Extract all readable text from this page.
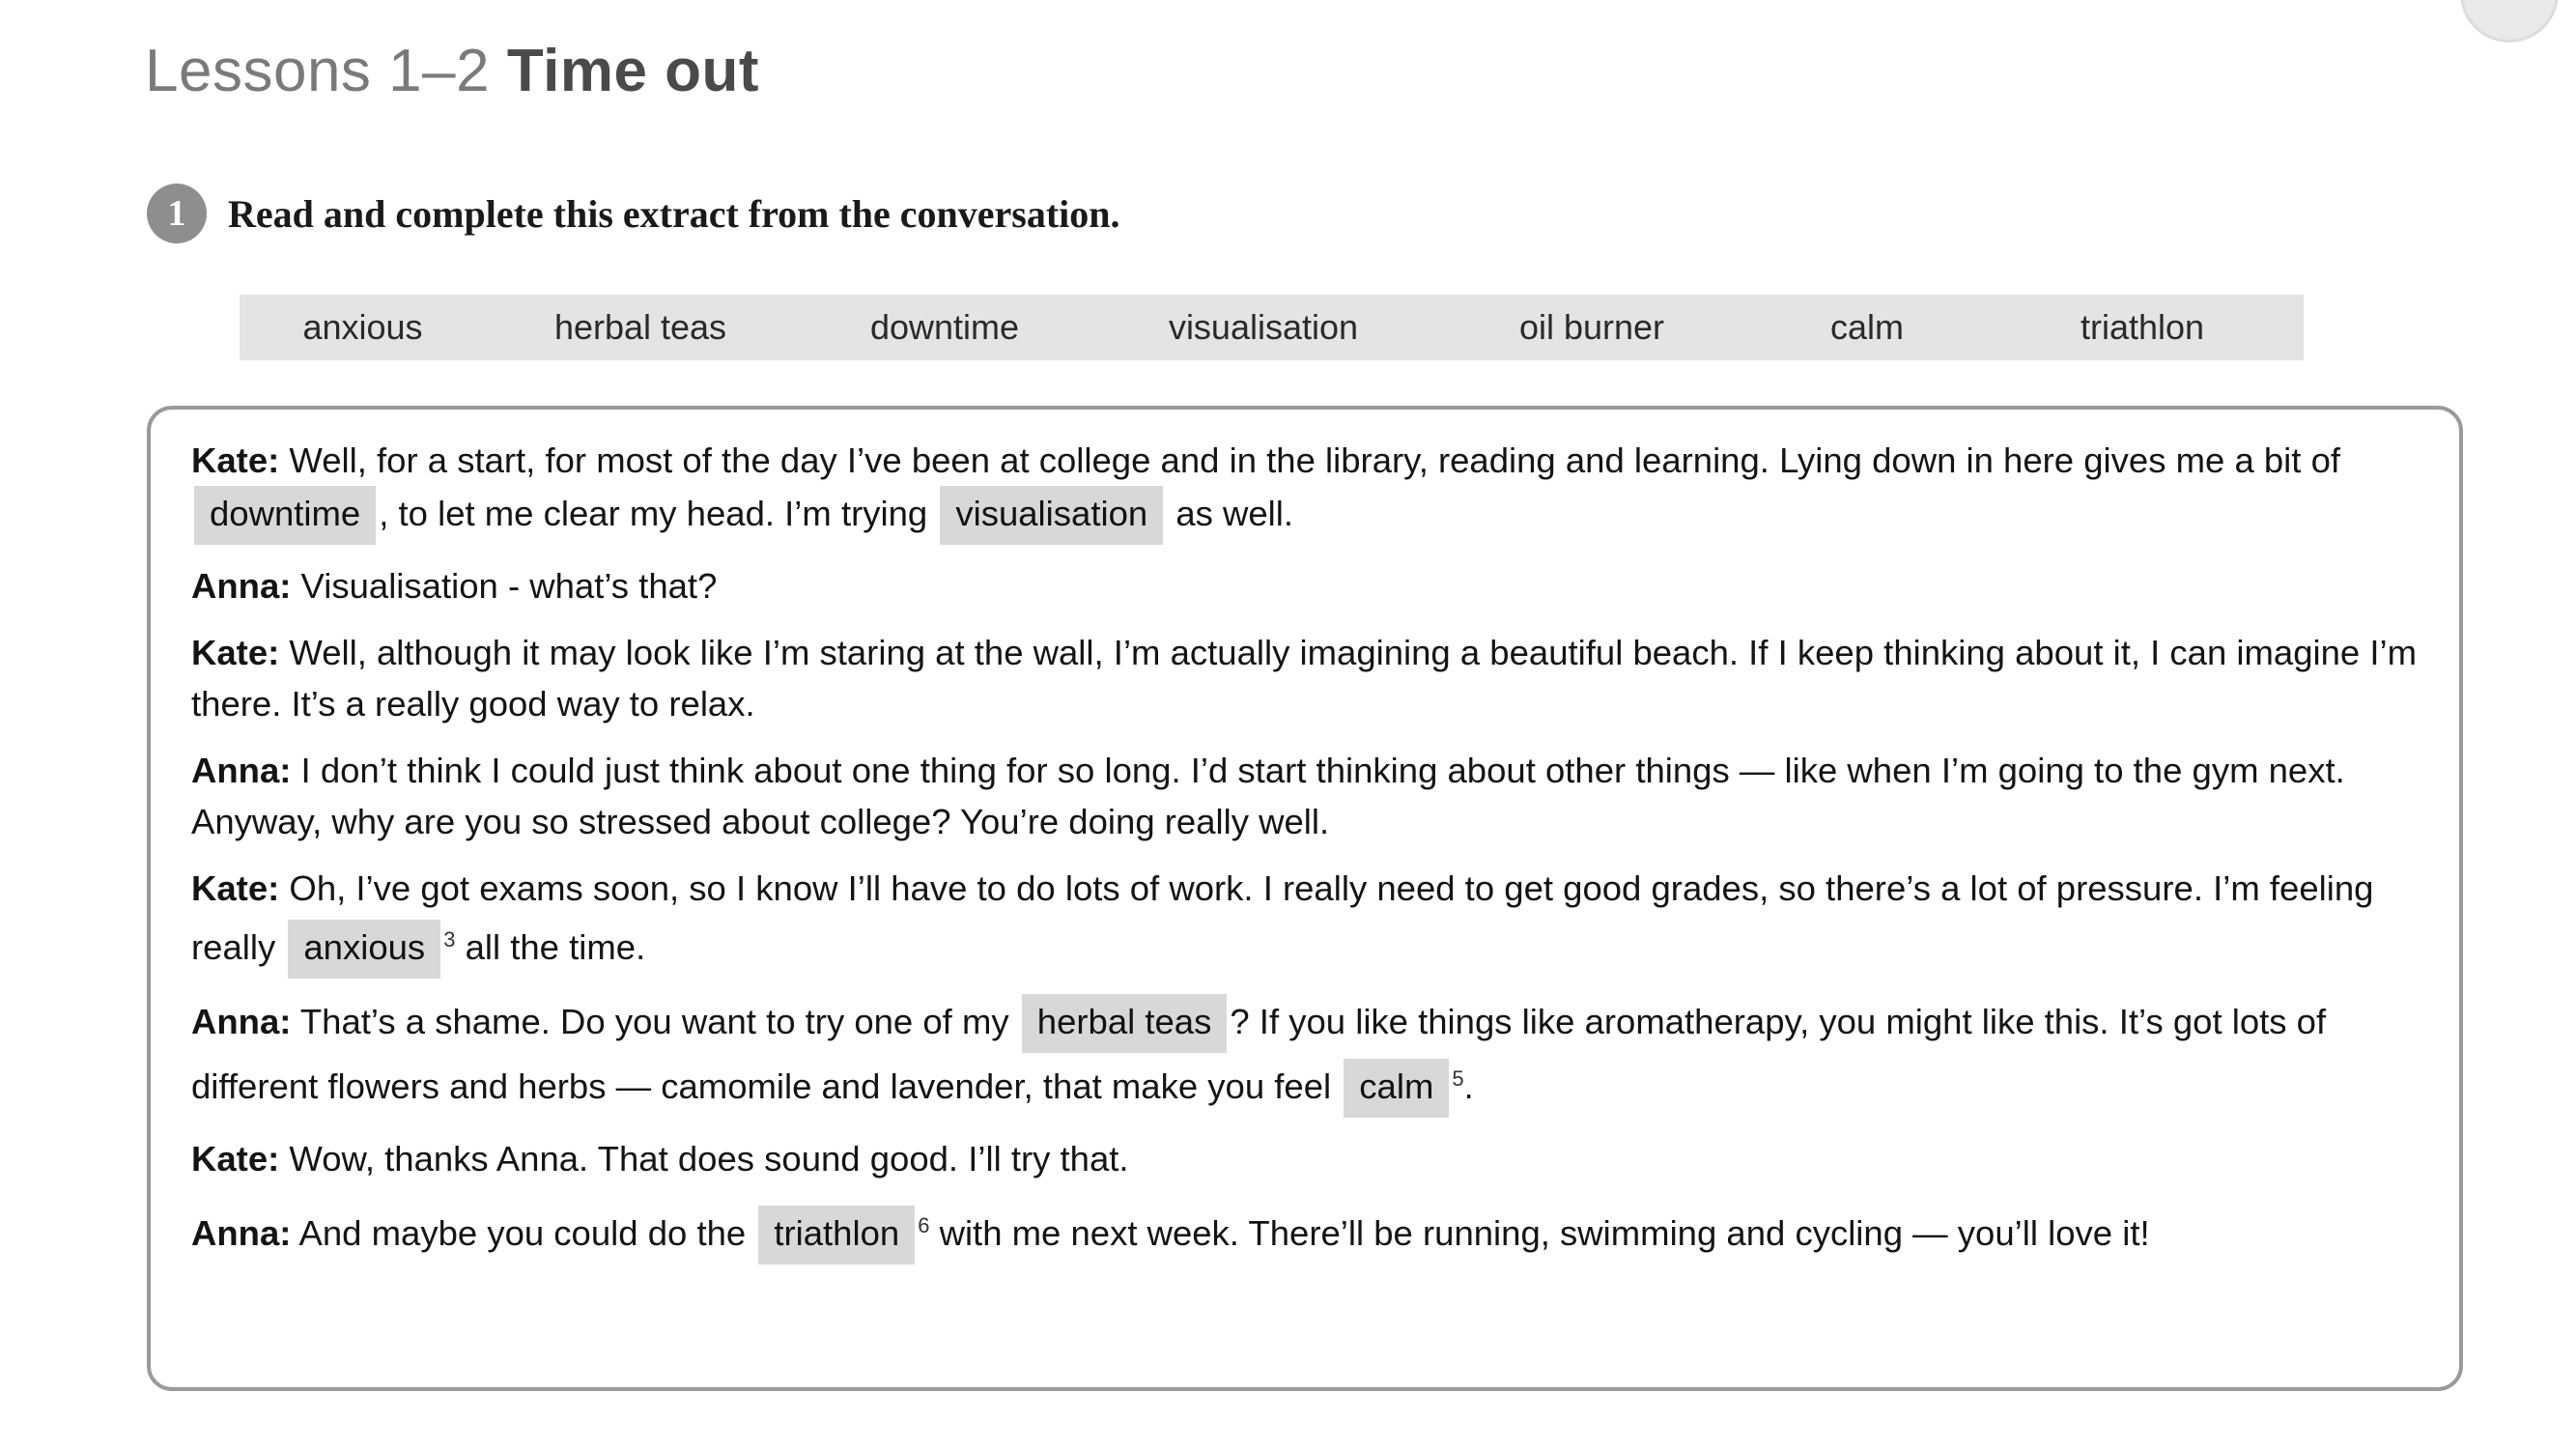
Lessons 1–2 Time out
1	Read and complete this extract from the conversation.
anxious	herbal teas	downtime	visualisation	oil burner	calm	triathlon

Kate: Well, for a start, for most of the day I’ve been at college and in the library, reading and learning. Lying down in here gives me a bit of downtime , to let me clear my head. I’m trying visualisation as well.

Anna: Visualisation - what’s that?

Kate: Well, although it may look like I’m staring at the wall, I’m actually imagining a beautiful beach. If I keep thinking about it, I can imagine I’m there. It’s a really good way to relax.

Anna: I don’t think I could just think about one thing for so long. I’d start thinking about other things — like when I’m going to the gym next. Anyway, why are you so stressed about college? You’re doing really well.

Kate: Oh, I’ve got exams soon, so I know I’ll have to do lots of work. I really need to get good grades, so there’s a lot of pressure. I’m feeling really anxious $^3$ all the time.

Anna: That’s a shame. Do you want to try one of my herbal teas ? If you like things like aromatherapy, you might like this. It’s got lots of different flowers and herbs — camomile and lavender, that make you feel calm $^5$.

Kate: Wow, thanks Anna. That does sound good. I’ll try that.

Anna: And maybe you could do the triathlon $^6$ with me next week. There’ll be running, swimming and cycling — you’ll love it!
